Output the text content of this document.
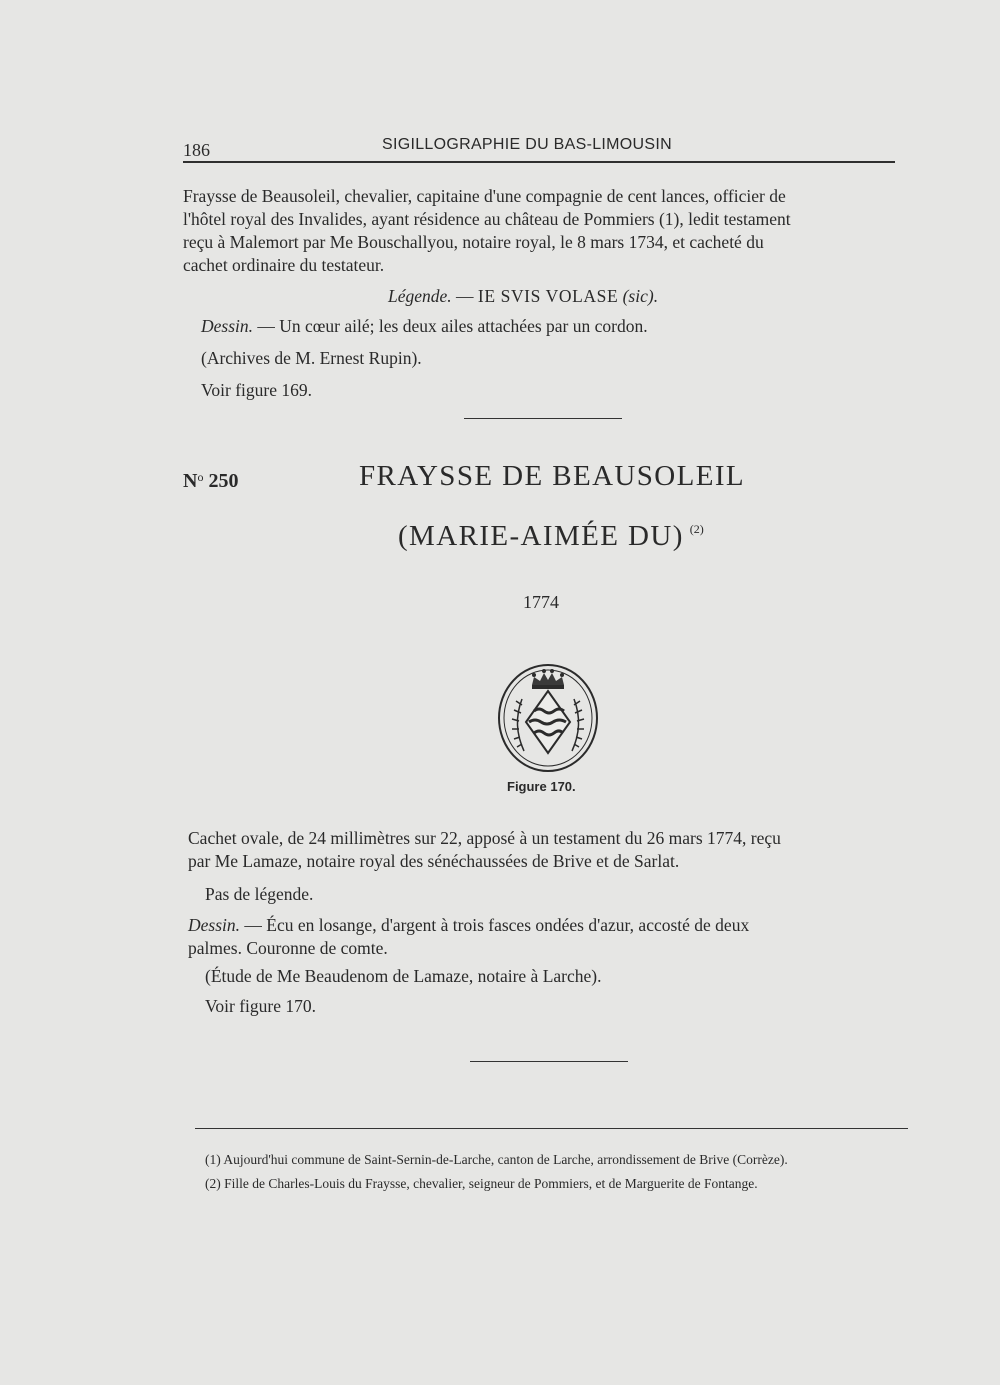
186	SIGILLOGRAPHIE DU BAS-LIMOUSIN
Fraysse de Beausoleil, chevalier, capitaine d'une compagnie de cent lances, officier de
l'hôtel royal des Invalides, ayant résidence au château de Pommiers (1), ledit testament
reçu à Malemort par Me Bouschallyou, notaire royal, le 8 mars 1734, et cacheté du
cachet ordinaire du testateur.
Légende. — IE SVIS VOLASE (sic).
Dessin. — Un cœur ailé; les deux ailes attachées par un cordon.
(Archives de M. Ernest Rupin).
Voir figure 169.
$N^o$ 250	FRAYSSE DE BEAUSOLEIL
(MARIE-AIMÉE DU) $^{(2)}$
1774
Figure 170.
Cachet ovale, de 24 millimètres sur 22, apposé à un testament du 26 mars 1774, reçu
par Me Lamaze, notaire royal des sénéchaussées de Brive et de Sarlat.
Pas de légende.
Dessin. — Écu en losange, d'argent à trois fasces ondées d'azur, accosté de deux
palmes. Couronne de comte.
(Étude de Me Beaudenom de Lamaze, notaire à Larche).
Voir figure 170.
(1) Aujourd'hui commune de Saint-Sernin-de-Larche, canton de Larche, arrondissement de Brive (Corrèze).
(2) Fille de Charles-Louis du Fraysse, chevalier, seigneur de Pommiers, et de Marguerite de Fontange.
